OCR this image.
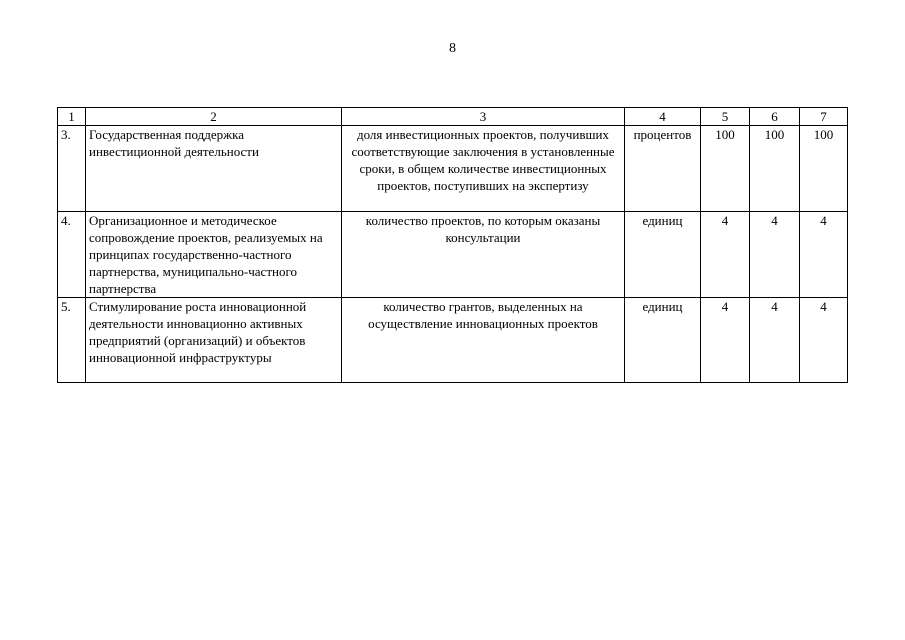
8
1	2	3	4	5	6	7
3.	Государственная поддержка инвестиционной деятельности	доля инвестиционных проектов, получивших соответствующие заключения в установленные сроки, в общем количестве инвестиционных проектов, поступивших на экспертизу	процентов	100	100	100
4.	Организационное и методическое сопровождение проектов, реализуемых на принципах государственно-частного партнерства, муниципально-частного партнерства	количество проектов, по которым оказаны консультации	единиц	4	4	4
5.	Стимулирование роста инновационной деятельности инновационно активных предприятий (организаций) и объектов инновационной инфраструктуры	количество грантов, выделенных на осуществление инновационных проектов	единиц	4	4	4
